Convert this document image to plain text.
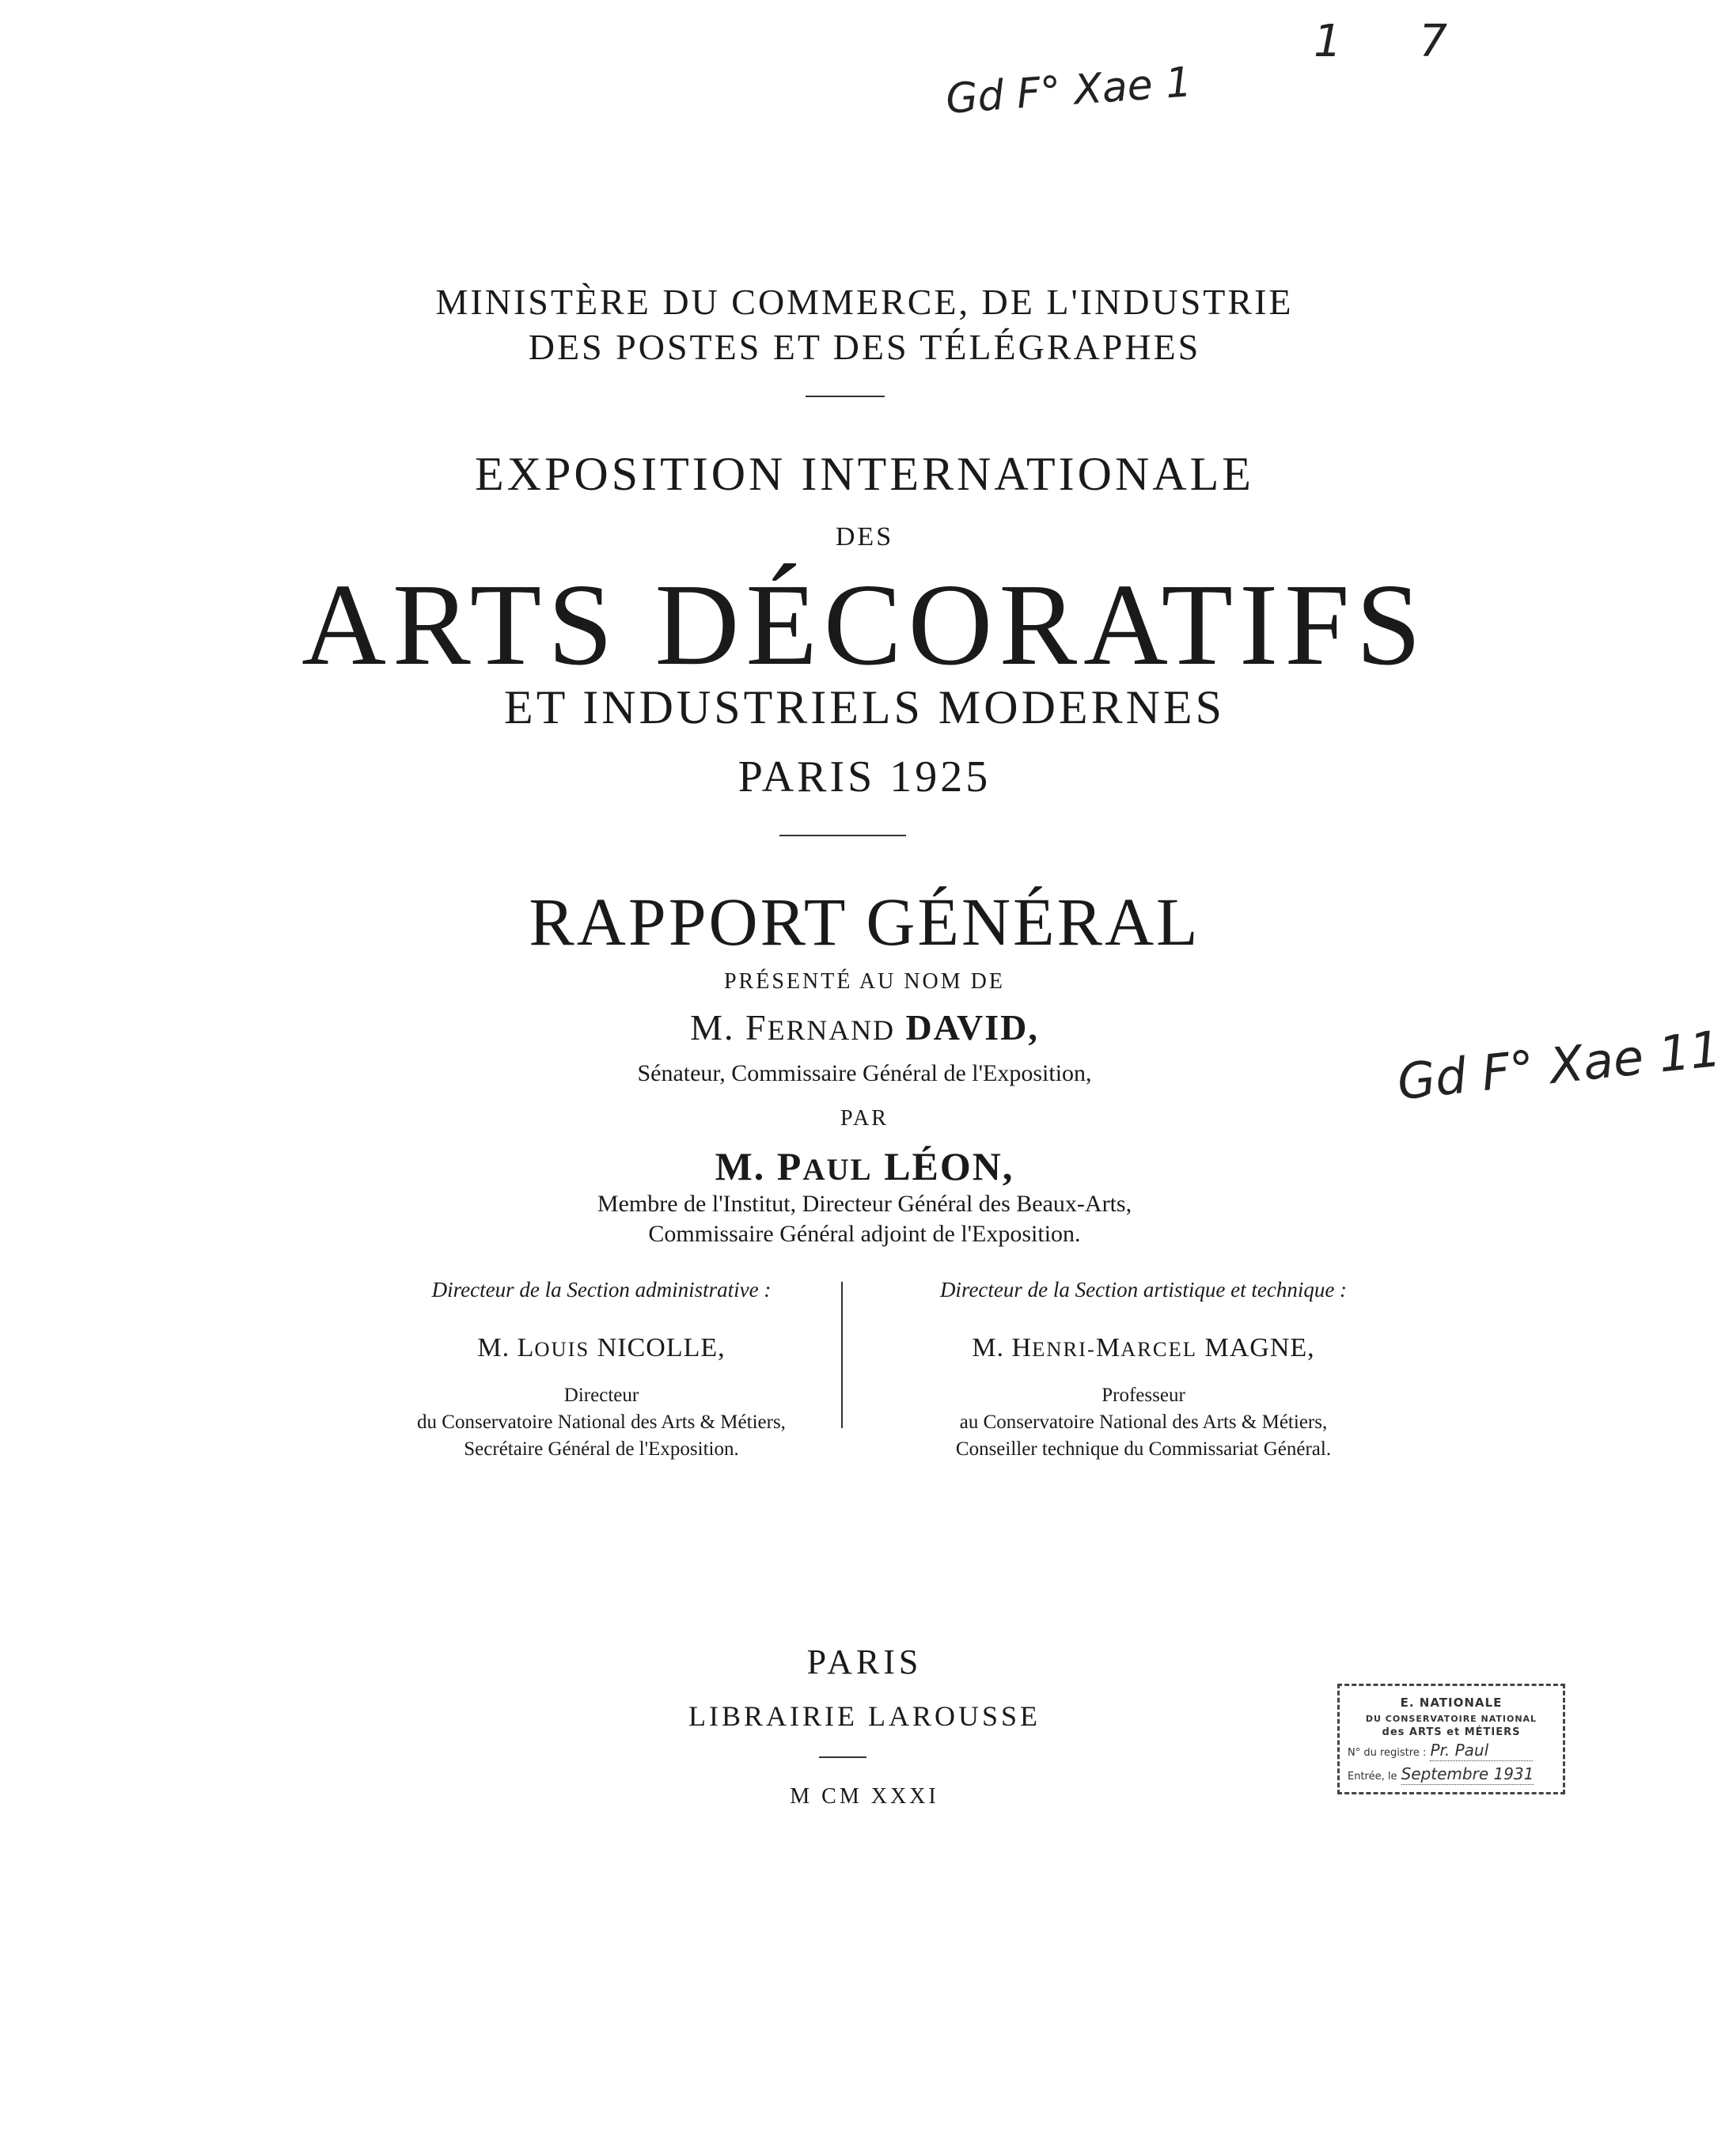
Gd F° Xae 1
1 7
Gd F° Xae 11
MINISTÈRE DU COMMERCE, DE L'INDUSTRIE
DES POSTES ET DES TÉLÉGRAPHES
EXPOSITION INTERNATIONALE
DES
ARTS DÉCORATIFS
ET INDUSTRIELS MODERNES
PARIS 1925
RAPPORT GÉNÉRAL
PRÉSENTÉ AU NOM DE
M. FERNAND DAVID,
Sénateur, Commissaire Général de l'Exposition,
PAR
M. PAUL LÉON,
Membre de l'Institut, Directeur Général des Beaux-Arts,
Commissaire Général adjoint de l'Exposition.
Directeur de la Section administrative :
M. LOUIS NICOLLE,
Directeur
du Conservatoire National des Arts & Métiers,
Secrétaire Général de l'Exposition.
Directeur de la Section artistique et technique :
M. HENRI-MARCEL MAGNE,
Professeur
au Conservatoire National des Arts & Métiers,
Conseiller technique du Commissariat Général.
PARIS
LIBRAIRIE LAROUSSE
M CM XXXI
E. NATIONALE
DU CONSERVATOIRE NATIONAL
des ARTS et MÉTIERS
N° du registre : Pr. Paul
Entrée, le Septembre 1931
